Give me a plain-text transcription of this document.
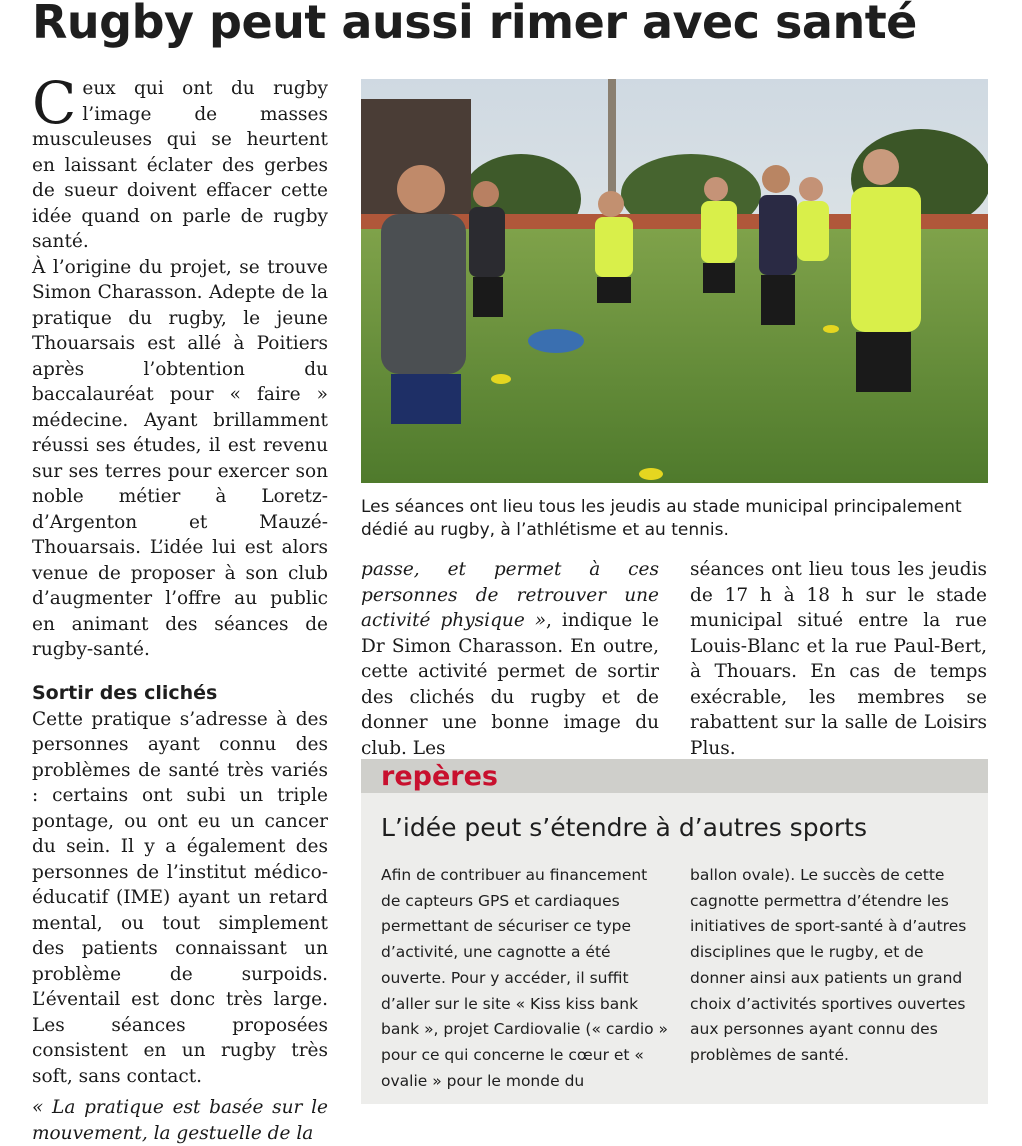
Rugby peut aussi rimer avec santé

Ceux qui ont du rugby l’image de masses musculeuses qui se heurtent en laissant éclater des gerbes de sueur doivent effacer cette idée quand on parle de rugby santé.

À l’origine du projet, se trouve Simon Charasson. Adepte de la pratique du rugby, le jeune Thouarsais est allé à Poitiers après l’obtention du baccalauréat pour « faire » médecine. Ayant brillamment réussi ses études, il est revenu sur ses terres pour exercer son noble métier à Loretz-d’Argenton et Mauzé-Thouarsais. L’idée lui est alors venue de proposer à son club d’augmenter l’offre au public en animant des séances de rugby-santé.

Sortir des clichés

Cette pratique s’adresse à des personnes ayant connu des problèmes de santé très variés : certains ont subi un triple pontage, ou ont eu un cancer du sein. Il y a également des personnes de l’institut médico-éducatif (IME) ayant un retard mental, ou tout simplement des patients connaissant un problème de surpoids. L’éventail est donc très large. Les séances proposées consistent en un rugby très soft, sans contact.

« La pratique est basée sur le mouvement, la gestuelle de la

Les séances ont lieu tous les jeudis au stade municipal principalement dédié au rugby, à l’athlétisme et au tennis.

passe, et permet à ces personnes de retrouver une activité physique », indique le Dr Simon Charasson. En outre, cette activité permet de sortir des clichés du rugby et de donner une bonne image du club. Les

séances ont lieu tous les jeudis de 17 h à 18 h sur le stade municipal situé entre la rue Louis-Blanc et la rue Paul-Bert, à Thouars. En cas de temps exécrable, les membres se rabattent sur la salle de Loisirs Plus.

repères
L’idée peut s’étendre à d’autres sports

Afin de contribuer au financement de capteurs GPS et cardiaques permettant de sécuriser ce type d’activité, une cagnotte a été ouverte. Pour y accéder, il suffit d’aller sur le site « Kiss kiss bank bank », projet Cardiovalie (« cardio » pour ce qui concerne le cœur et « ovalie » pour le monde du

ballon ovale). Le succès de cette cagnotte permettra d’étendre les initiatives de sport-santé à d’autres disciplines que le rugby, et de donner ainsi aux patients un grand choix d’activités sportives ouvertes aux personnes ayant connu des problèmes de santé.
